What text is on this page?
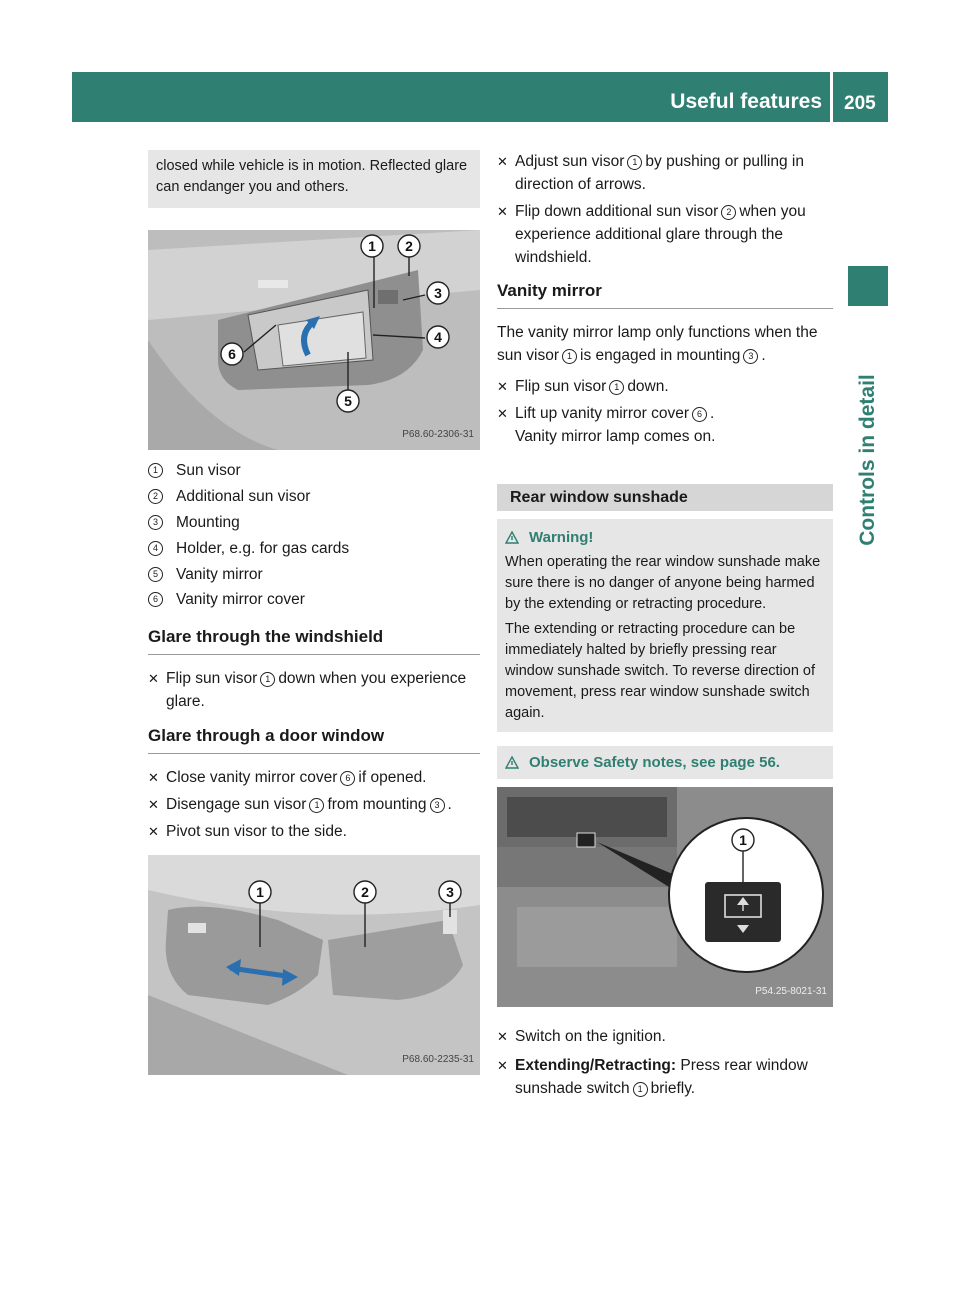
Useful features 205
Controls in detail

closed while vehicle is in motion. Reflected glare can endanger you and others.

1 2
3
4
5
6
P68.60-2306-31
1	Sun visor
2	Additional sun visor
3	Mounting
4	Holder, e.g. for gas cards
5	Vanity mirror
6	Vanity mirror cover
Glare through the windshield

✕ Flip sun visor 1 down when you experience glare.

Glare through a door window

✕ Close vanity mirror cover 6 if opened.

✕ Disengage sun visor 1 from mounting 3 .

✕ Pivot sun visor to the side.

1	2	3
P68.60-2235-31

✕ Adjust sun visor 1 by pushing or pulling in direction of arrows.

✕ Flip down additional sun visor 2 when you experience additional glare through the windshield.

Vanity mirror

The vanity mirror lamp only functions when the sun visor 1 is engaged in mounting 3 .

✕ Flip sun visor 1 down.

✕ Lift up vanity mirror cover 6 .
Vanity mirror lamp comes on.

Rear window sunshade
Warning!

When operating the rear window sunshade make sure there is no danger of anyone being harmed by the extending or retracting procedure.

The extending or retracting procedure can be immediately halted by briefly pressing rear window sunshade switch. To reverse direction of movement, press rear window sunshade switch again.

Observe Safety notes, see page 56.
1
P54.25-8021-31

✕ Switch on the ignition.

✕ Extending/Retracting: Press rear window sunshade switch 1 briefly.
